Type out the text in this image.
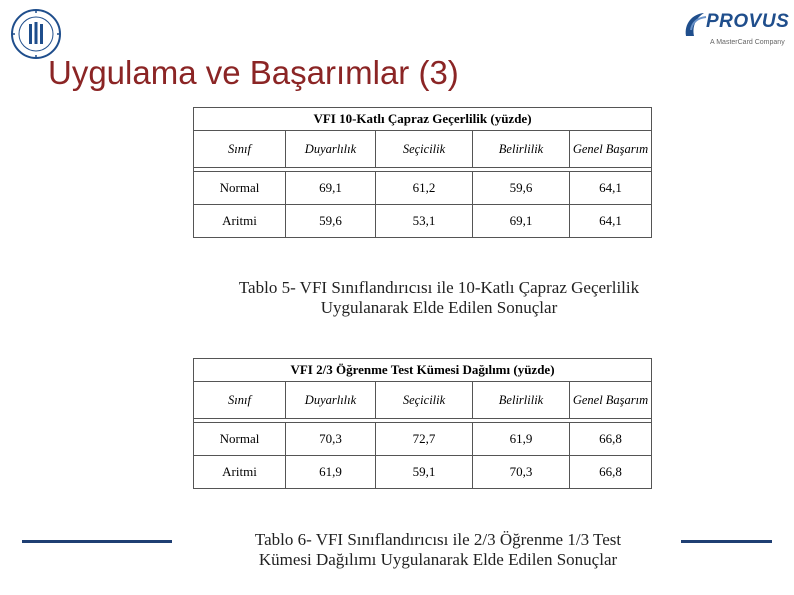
PROVUS
A MasterCard Company
Uygulama ve Başarımlar (3)
VFI 10-Katlı Çapraz Geçerlilik (yüzde)
Sınıf	Duyarlılık	Seçicilik	Belirlilik	Genel Başarım
Normal	69,1	61,2	59,6	64,1
Aritmi	59,6	53,1	69,1	64,1
Tablo 5- VFI Sınıflandırıcısı ile 10-Katlı Çapraz Geçerlilik
Uygulanarak Elde Edilen Sonuçlar
VFI 2/3 Öğrenme Test Kümesi Dağılımı (yüzde)
Sınıf	Duyarlılık	Seçicilik	Belirlilik	Genel Başarım
Normal	70,3	72,7	61,9	66,8
Aritmi	61,9	59,1	70,3	66,8
Tablo 6- VFI Sınıflandırıcısı ile 2/3 Öğrenme 1/3 Test
Kümesi Dağılımı Uygulanarak Elde Edilen Sonuçlar
